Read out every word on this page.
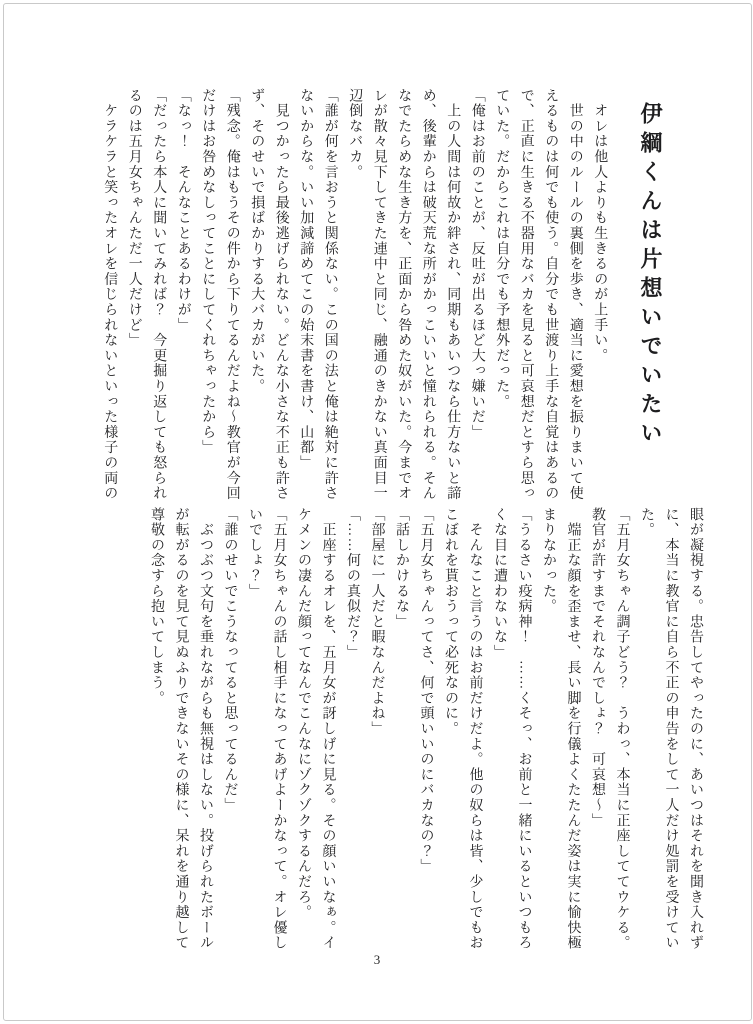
伊綱くんは片想いでいたい

　オレは他人よりも生きるのが上手い。

　世の中のルールの裏側を歩き、適当に愛想を振りまいて使えるものは何でも使う。自分でも世渡り上手な自覚はあるので、正直に生きる不器用なバカを見ると可哀想だとすら思っていた。だからこれは自分でも予想外だった。

「俺はお前のことが、反吐が出るほど大っ嫌いだ」

　上の人間は何故か絆され、同期もあいつなら仕方ないと諦め、後輩からは破天荒な所がかっこいいと憧れられる。そんなでたらめな生き方を、正面から咎めた奴がいた。今までオレが散々見下してきた連中と同じ、融通のきかない真面目一辺倒なバカ。

「誰が何を言おうと関係ない。この国の法と俺は絶対に許さないからな。いい加減諦めてこの始末書を書け、山都」

　見つかったら最後逃げられない。どんな小さな不正も許さず、そのせいで損ばかりする大バカがいた。

「残念。俺はもうその件から下りてるんだよね〜教官が今回だけはお咎めなしってことにしてくれちゃったから」

「なっ！　そんなことあるわけが」

「だったら本人に聞いてみれば？　今更掘り返しても怒られるのは五月女ちゃんただ一人だけど」

　ケラケラと笑ったオレを信じられないといった様子の両の

眼が凝視する。忠告してやったのに、あいつはそれを聞き入れずに、本当に教官に自ら不正の申告をして一人だけ処罰を受けていた。

「五月女ちゃん調子どう？　うわっ、本当に正座しててウケる。教官が許すまでそれなんでしょ？　可哀想〜」

　端正な顔を歪ませ、長い脚を行儀よくたたんだ姿は実に愉快極まりなかった。

「うるさい疫病神！　……くそっ、お前と一緒にいるといつもろくな目に遭わないな」

　そんなこと言うのはお前だけだよ。他の奴らは皆、少しでもおこぼれを貰おうって必死なのに。

「五月女ちゃんってさ、何で頭いいのにバカなの？」

「話しかけるな」

「部屋に一人だと暇なんだよね」

「……何の真似だ？」

　正座するオレを、五月女が訝しげに見る。その顔いいなぁ。イケメンの凄んだ顔ってなんでこんなにゾクゾクするんだろ。

「五月女ちゃんの話し相手になってあげよーかなって。オレ優しいでしょ？」

「誰のせいでこうなってると思ってるんだ」

　ぶつぶつ文句を垂れながらも無視はしない。投げられたボールが転がるのを見て見ぬふりできないその様に、呆れを通り越して尊敬の念すら抱いてしまう。

3
